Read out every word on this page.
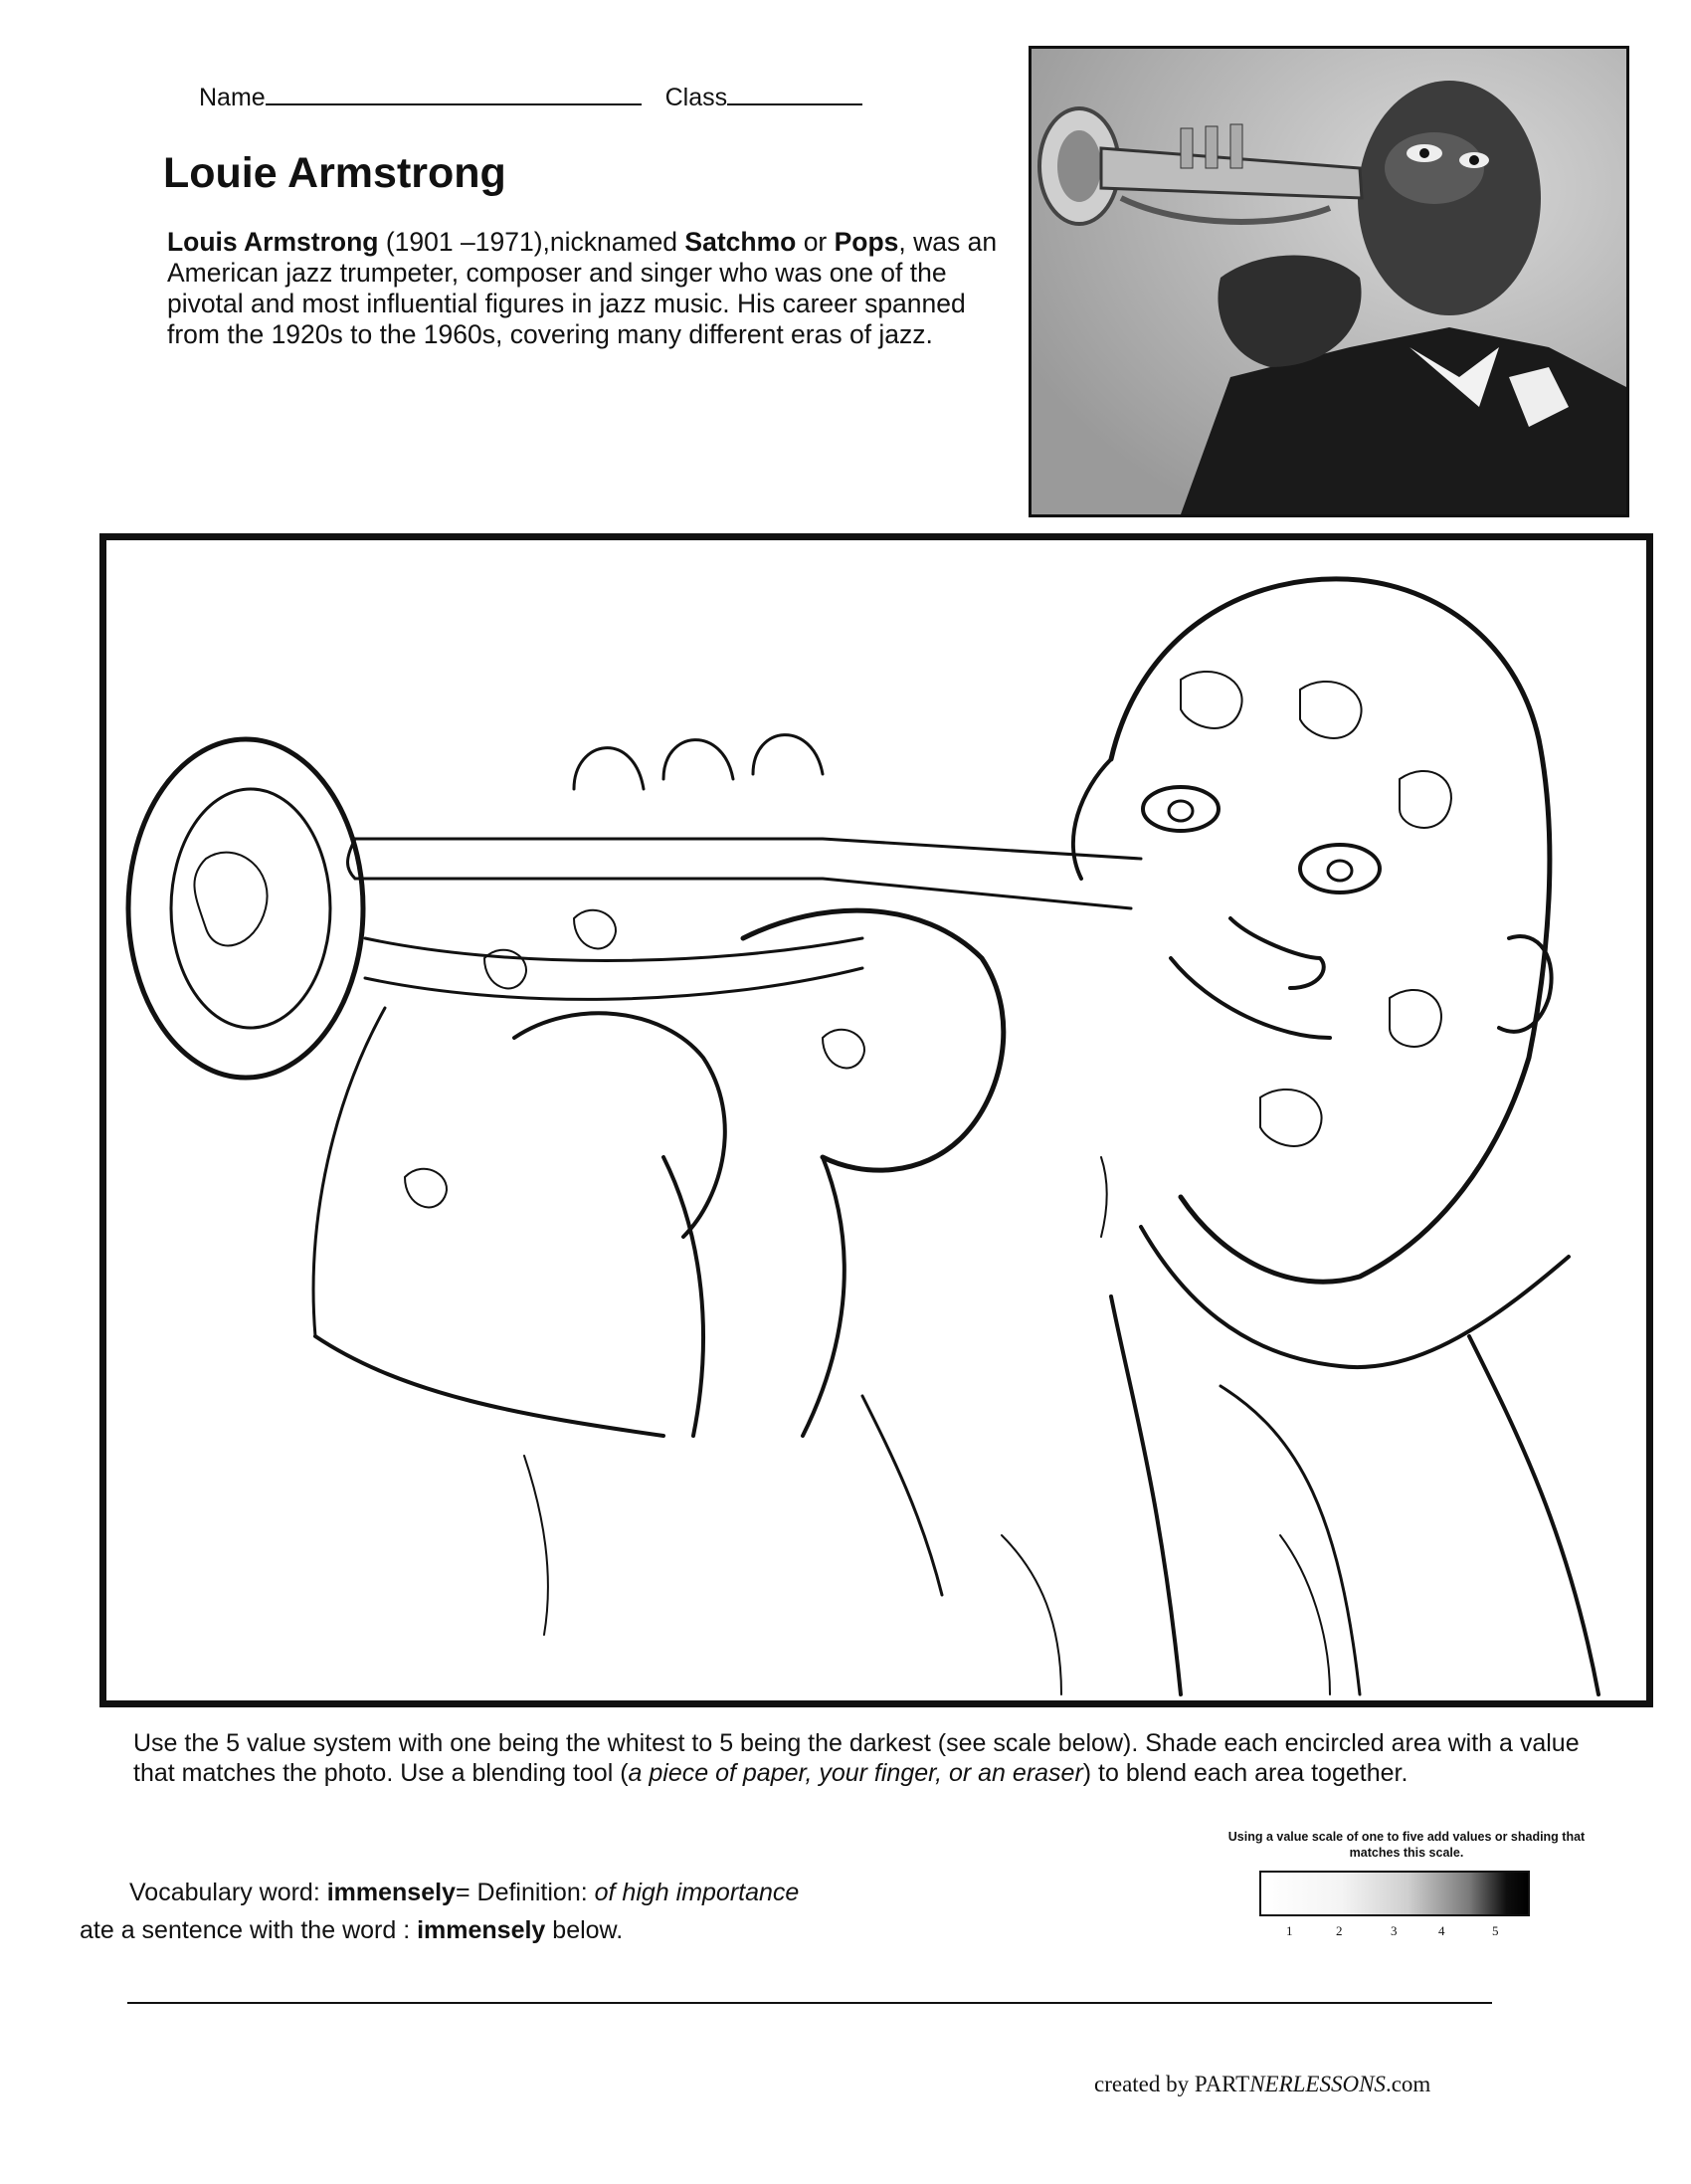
Name	Class
Louie Armstrong

Louis Armstrong (1901 –1971),nicknamed Satchmo or Pops, was an American jazz trumpeter, composer and singer who was one of the pivotal and most influential figures in jazz music. His career spanned from the 1920s to the 1960s, covering many different eras of jazz.

Use the 5 value system with one being the whitest to 5 being the darkest (see scale below). Shade each encircled area with a value that matches the photo. Use a blending tool (a piece of paper, your finger, or an eraser) to blend each area together.

Using a value scale of one to five add values or shading that matches this scale.

1	2	3	4	5

Vocabulary word: immensely= Definition: of high importance

ate a sentence with the word : immensely below.

created by PARTNERLESSONS.com
